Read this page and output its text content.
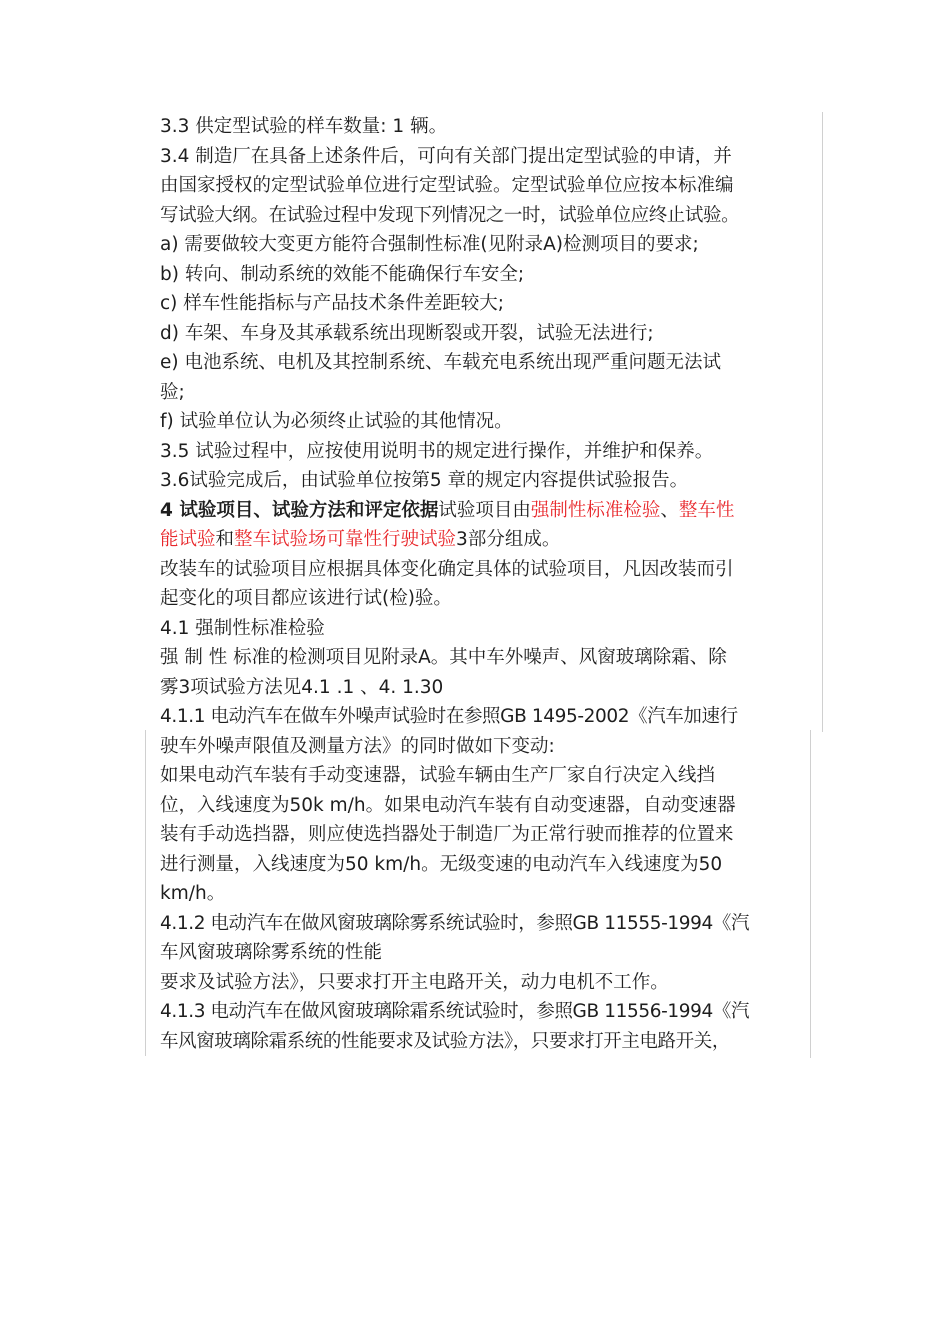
3.3 供定型试验的样车数量: 1 辆。
3.4 制造厂在具备上述条件后，可向有关部门提出定型试验的申请，并
由国家授权的定型试验单位进行定型试验。定型试验单位应按本标准编
写试验大纲。在试验过程中发现下列情况之一时，试验单位应终止试验。
a) 需要做较大变更方能符合强制性标准(见附录A)检测项目的要求;
b) 转向、制动系统的效能不能确保行车安全;
c) 样车性能指标与产品技术条件差距较大;
d) 车架、车身及其承载系统出现断裂或开裂，试验无法进行;
e) 电池系统、电机及其控制系统、车载充电系统出现严重问题无法试
验;
f) 试验单位认为必须终止试验的其他情况。
3.5 试验过程中，应按使用说明书的规定进行操作，并维护和保养。
3.6试验完成后，由试验单位按第5 章的规定内容提供试验报告。
4 试验项目、试验方法和评定依据试验项目由强制性标准检验、整车性
能试验和整车试验场可靠性行驶试验3部分组成。
改装车的试验项目应根据具体变化确定具体的试验项目，凡因改装而引
起变化的项目都应该进行试(检)验。
4.1 强制性标准检验
强 制 性 标准的检测项目见附录A。其中车外噪声、风窗玻璃除霜、除
雾3项试验方法见4.1 .1 、4. 1.30
4.1.1 电动汽车在做车外噪声试验时在参照GB 1495-2002《汽车加速行
驶车外噪声限值及测量方法》的同时做如下变动:
如果电动汽车装有手动变速器，试验车辆由生产厂家自行决定入线挡
位，入线速度为50k m/h。如果电动汽车装有自动变速器，自动变速器
装有手动选挡器，则应使选挡器处于制造厂为正常行驶而推荐的位置来
进行测量，入线速度为50 km/h。无级变速的电动汽车入线速度为50
km/h。
4.1.2 电动汽车在做风窗玻璃除雾系统试验时，参照GB 11555-1994《汽
车风窗玻璃除雾系统的性能
要求及试验方法》，只要求打开主电路开关，动力电机不工作。
4.1.3 电动汽车在做风窗玻璃除霜系统试验时，参照GB 11556-1994《汽
车风窗玻璃除霜系统的性能要求及试验方法》，只要求打开主电路开关，
